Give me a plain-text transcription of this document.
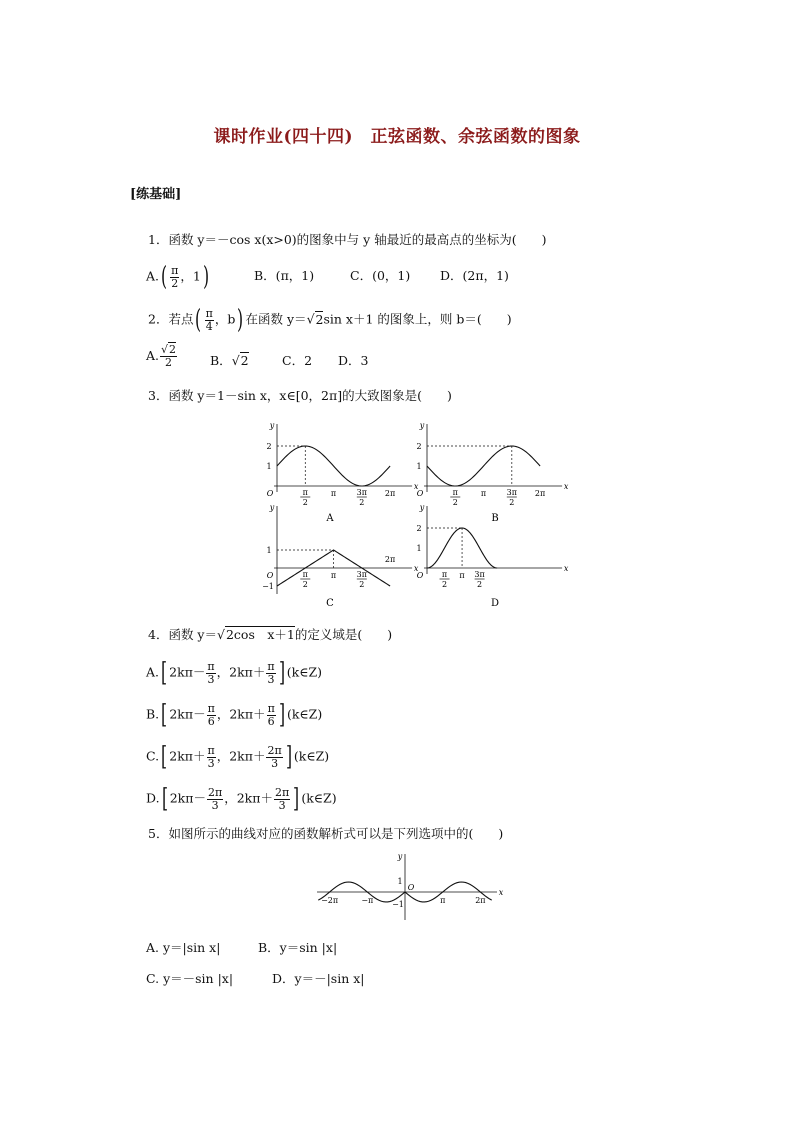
课时作业(四十四)　正弦函数、余弦函数的图象
[练基础]
1．函数 y＝－cos x(x>0)的图象中与 y 轴最近的最高点的坐标为(　　)
$A.( \frac{\pi}{2}$ ，1)	B．(π，1)	C．(0，1) D．(2π，1)
2．若点( $\frac{\pi}{4}$ ，b) 在函数 y＝√2sin x＋1 的图象上，则 b＝(　　)
A. $\frac{√2}{2}$	B．√2	C．2 D．3
3．函数 y＝1－sin x，x∈[0，2π]的大致图象是(　　)
x
y
O
x
y
O
x
y
O
x
y
O
2
1
π
2
π	3π
2
2π
2
1
π
2
π	3π
2
2π
1
−1
π
2
π	3π
2
2π
2
1
π
2
π 3π
2
A	B
C	D
4．函数 y＝√2cos　x＋1的定义域是(　　)
A.[ $2k\pi- \frac{\pi}{3}$ ，$2k\pi+ \frac{\pi}{3}$ ] (k∈Z)
B.[ $2k\pi- \frac{\pi}{6}$ ，$2k\pi+ \frac{\pi}{6}$ ] (k∈Z)
C.[ $2k\pi+ \frac{\pi}{3}$ ，$2k\pi+ \frac{2\pi}{3}$ ] (k∈Z)
D.[ $2k\pi- \frac{2\pi}{3}$ ，$2k\pi+ \frac{2\pi}{3}$ ] (k∈Z)
5．如图所示的曲线对应的函数解析式可以是下列选项中的(　　)
x
y
O
1
−1
−2π	−π	π	2π
A. y＝|sin x|	B．y＝sin |x|
C. y＝－sin |x|	D．y＝－|sin x|
